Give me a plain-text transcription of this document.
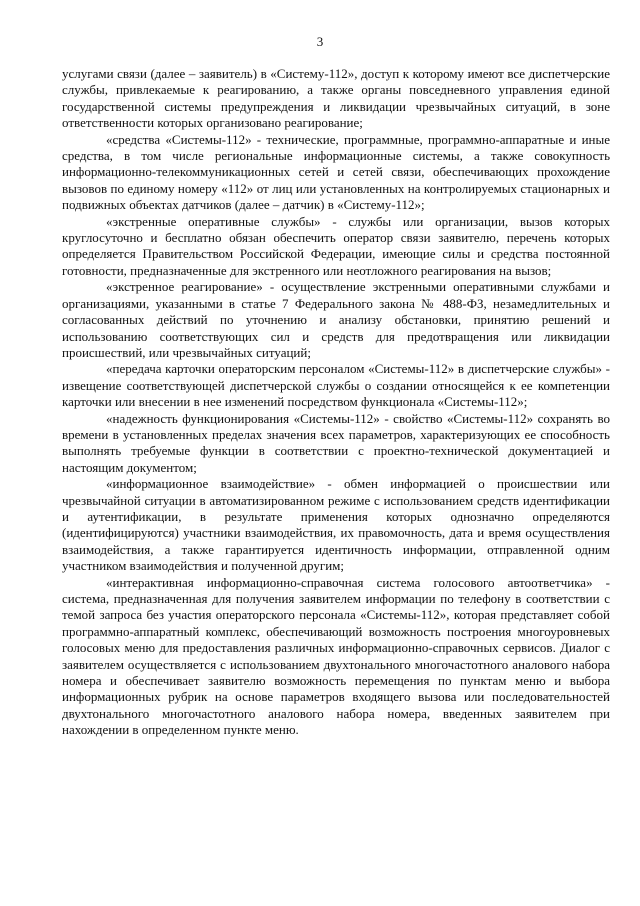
3

услугами связи (далее – заявитель) в «Систему-112», доступ к которому имеют все диспетчерские службы, привлекаемые к реагированию, а также органы повседневного управления единой государственной системы предупреждения и ликвидации чрезвычайных ситуаций, в зоне ответственности которых организовано реагирование;

«средства «Системы-112» - технические, программные, программно-аппаратные и иные средства, в том числе региональные информационные системы, а также совокупность информационно-телекоммуникационных сетей и сетей связи, обеспечивающих прохождение вызовов по единому номеру «112» от лиц или установленных на контролируемых стационарных и подвижных объектах датчиков (далее – датчик) в «Систему-112»;

«экстренные оперативные службы» - службы или организации, вызов которых круглосуточно и бесплатно обязан обеспечить оператор связи заявителю, перечень которых определяется Правительством Российской Федерации, имеющие силы и средства постоянной готовности, предназначенные для экстренного или неотложного реагирования на вызов;

«экстренное реагирование» - осуществление экстренными оперативными службами и организациями, указанными в статье 7 Федерального закона № 488-ФЗ, незамедлительных и согласованных действий по уточнению и анализу обстановки, принятию решений и использованию соответствующих сил и средств для предотвращения или ликвидации происшествий, или чрезвычайных ситуаций;

«передача карточки операторским персоналом «Системы-112» в диспетчерские службы» - извещение соответствующей диспетчерской службы о создании относящейся к ее компетенции карточки или внесении в нее изменений посредством функционала «Системы-112»;

«надежность функционирования «Системы-112» - свойство «Системы-112» сохранять во времени в установленных пределах значения всех параметров, характеризующих ее способность выполнять требуемые функции в соответствии с проектно-технической документацией и настоящим документом;

«информационное взаимодействие» - обмен информацией о происшествии или чрезвычайной ситуации в автоматизированном режиме с использованием средств идентификации и аутентификации, в результате применения которых однозначно определяются (идентифицируются) участники взаимодействия, их правомочность, дата и время осуществления взаимодействия, а также гарантируется идентичность информации, отправленной одним участником взаимодействия и полученной другим;

«интерактивная информационно-справочная система голосового автоответчика» - система, предназначенная для получения заявителем информации по телефону в соответствии с темой запроса без участия операторского персонала «Системы-112», которая представляет собой программно-аппаратный комплекс, обеспечивающий возможность построения многоуровневых голосовых меню для предоставления различных информационно-справочных сервисов. Диалог с заявителем осуществляется с использованием двухтонального многочастотного аналового набора номера и обеспечивает заявителю возможность перемещения по пунктам меню и выбора информационных рубрик на основе параметров входящего вызова или последовательностей двухтонального многочастотного аналового набора номера, введенных заявителем при нахождении в определенном пункте меню.
